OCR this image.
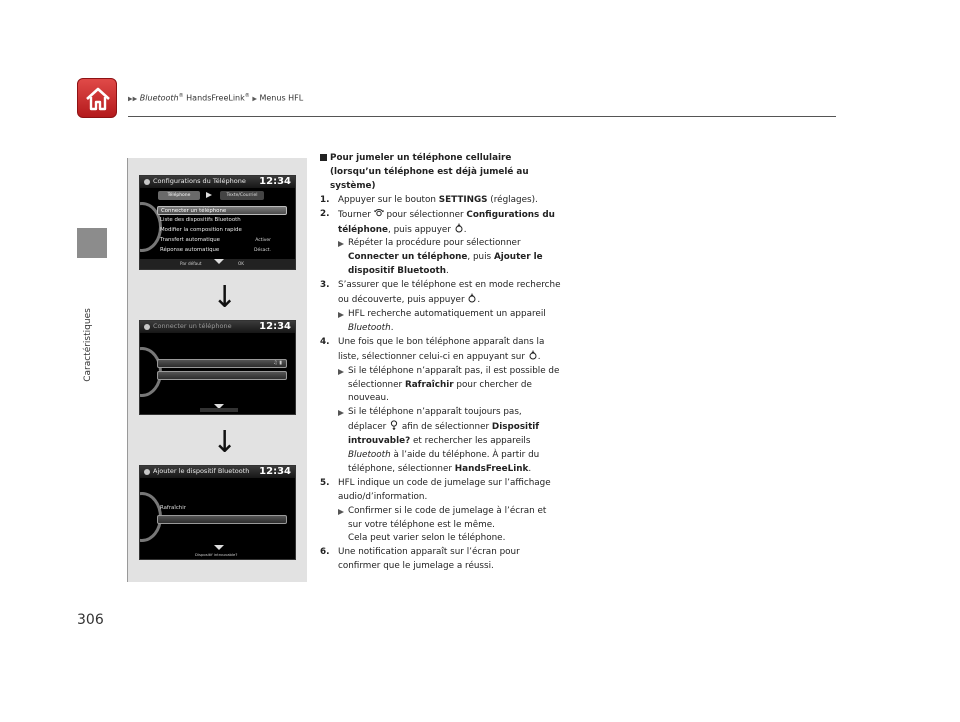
▶▶ Bluetooth® HandsFreeLink® ▶ Menus HFL
Caractéristiques
306
Configurations du Téléphone 12:34
Téléphone	Texte/Courriel
Connecter un téléphone
Liste des dispositifs Bluetooth
Modifier la composition rapide
Transfert automatique	Activer
Réponse automatique	Désact.
Par défaut	OK
↓
Connecter un téléphone	12:34
♫ ▮
↓
Ajouter le dispositif Bluetooth 12:34
Rafraîchir
Dispositif introuvable?

Pour jumeler un téléphone cellulaire (lorsqu’un téléphone est déjà jumelé au système)

1. Appuyer sur le bouton SETTINGS (réglages).

2. Tourner  pour sélectionner Configurations du téléphone, puis appuyer .

Répéter la procédure pour sélectionner Connecter un téléphone, puis Ajouter le dispositif Bluetooth.

3. S’assurer que le téléphone est en mode recherche ou découverte, puis appuyer .

HFL recherche automatiquement un appareil Bluetooth.

4. Une fois que le bon téléphone apparaît dans la liste, sélectionner celui-ci en appuyant sur .

Si le téléphone n’apparaît pas, il est possible de sélectionner Rafraîchir pour chercher de nouveau.

Si le téléphone n’apparaît toujours pas, déplacer  afin de sélectionner Dispositif introuvable? et rechercher les appareils Bluetooth à l’aide du téléphone. À partir du téléphone, sélectionner HandsFreeLink.

5. HFL indique un code de jumelage sur l’affichage audio/d’information.

Confirmer si le code de jumelage à l’écran et sur votre téléphone est le même.
Cela peut varier selon le téléphone.

6. Une notification apparaît sur l’écran pour confirmer que le jumelage a réussi.
